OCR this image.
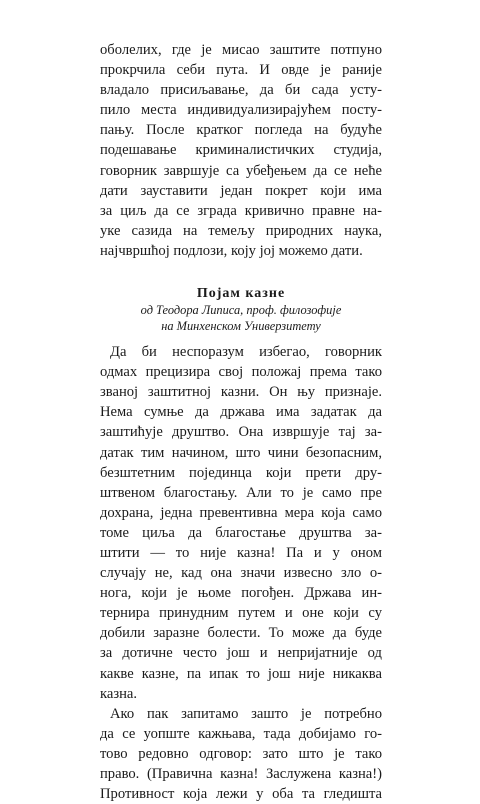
оболелих, где је мисао заштите потпуно
прокрчила себи пута. И овде је раније
владало присиљавање, да би сада усту-
пило места индивидуализирајућем посту-
пању. После кратког погледа на будуће
подешавање криминалистичких студија,
говорник завршује са убеђењем да се неће
дати зауставити један покрет који има
за циљ да се зграда кривично правне на-
уке сазида на темељу природних наука,
најчвршћој подлози, коју јој можемо дати.
Појам казне
од Теодора Липиса, проф. филозофије
на Минхенском Универзитету
Да би неспоразум избегао, говорник
одмах прецизира свој положај према тако
званој заштитној казни. Он њу признаје.
Нема сумње да држава има задатак да
заштићује друштво. Она извршује тај за-
датак тим начином, што чини безопасним,
безштетним појединца који прети дру-
штвеном благостању. Али то је само пре
дохрана, једна превентивна мера која само
томе циља да благостање друштва за-
штити — то није казна! Па и у оном
случају не, кад она значи извесно зло о-
нога, који је њоме погођен. Држава ин-
тернира принудним путем и оне који су
добили заразне болести. То може да буде
за дотичне често још и непријатније од
какве казне, па ипак то још није никаква
казна.
Ако пак запитамо зашто је потребно
да се уопште кажњава, тада добијамо го-
тово редовно одговор: зато што је тако
право. (Правична казна! Заслужена казна!)
Противност која лежи у оба та гледишта
